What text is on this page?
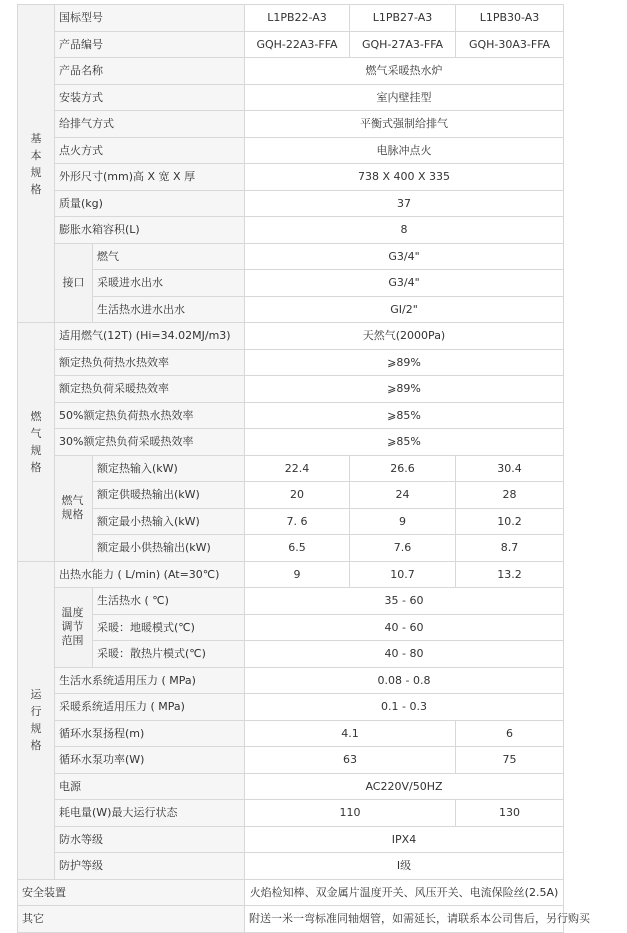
基本规格	国标型号		L1PB22-A3	L1PB27-A3	L1PB30-A3
	产品编号		GQH-22A3-FFA	GQH-27A3-FFA	GQH-30A3-FFA
	产品名称		燃气采暖热水炉		
	安装方式		室内壁挂型		
	给排气方式		平衡式强制给排气		
	点火方式		电脉冲点火		
	外形尺寸(mm)高 X 宽 X 厚		738 X 400 X 335		
	质量(kg)		37		
	膨胀水箱容积(L)		8		
	接口	燃气	G3/4"		
		采暖进水出水	G3/4"		
		生活热水进水出水	GI/2"		
燃气规格	适用燃气(12T) (Hi=34.02MJ/m3)		天然气(2000Pa)		
	额定热负荷热水热效率		⩾89%		
	额定热负荷采暖热效率		⩾89%		
	50%额定热负荷热水热效率		⩾85%		
	30%额定热负荷采暖热效率		⩾85%		
	燃气规格	额定热输入(kW)	22.4	26.6	30.4
		额定供暖热输出(kW)	20	24	28
		额定最小热输入(kW)	7. 6	9	10.2
		额定最小供热输出(kW)	6.5	7.6	8.7
运行规格	出热水能力 ( L/min) (At=30℃)		9	10.7	13.2
	温度调节范围	生活热水 ( ℃)	35 - 60		
		采暖：地暖模式(℃)	40 - 60		
		采暖：散热片模式(℃)	40 - 80		
	生活水系统适用压力 ( MPa)		0.08 - 0.8		
	采暖系统适用压力 ( MPa)		0.1 - 0.3		
	循环水泵扬程(m)		4.1		6
	循环水泵功率(W)		63		75
	电源		AC220V/50HZ		
	耗电量(W)最大运行状态		110		130
	防水等级		IPX4		
	防护等级		I级		
安全装置			火焰检知棒、双金属片温度开关、风压开关、电流保险丝(2.5A)		
其它			附送一米一弯标准同轴烟管，如需延长，请联系本公司售后，另行购买		
